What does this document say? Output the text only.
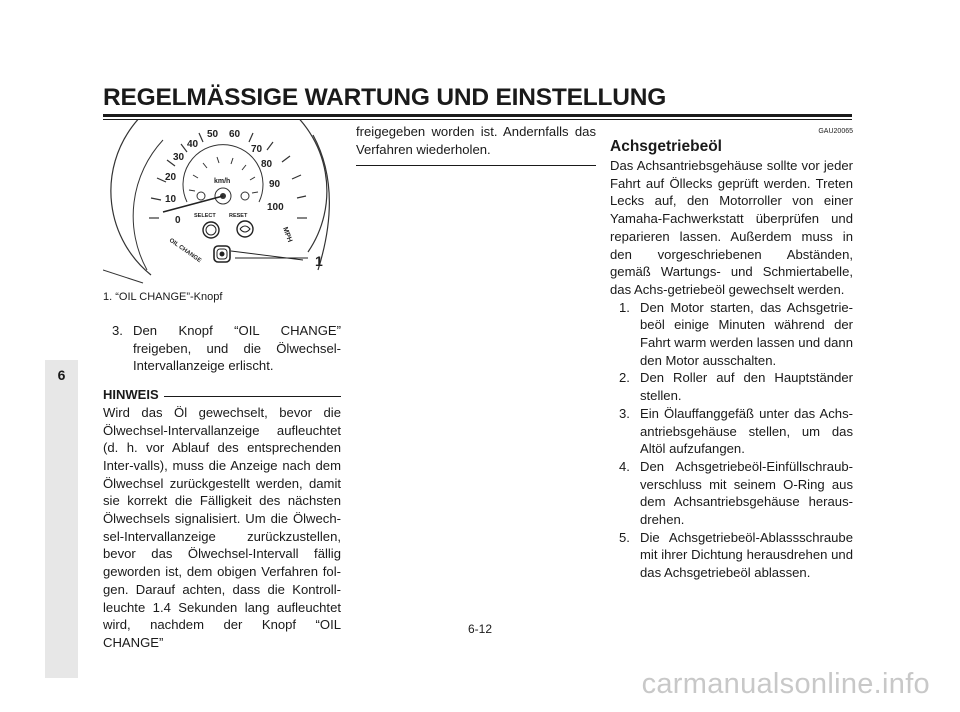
REGELMÄSSIGE WARTUNG UND EINSTELLUNG
6
0
10
20
30
40
50 60
70
80
90
100
MPH
km/h
SELECT RESET
OIL CHANGE	1

1. “OIL CHANGE”-Knopf

3. Den Knopf “OIL CHANGE” freigeben, und die Ölwechsel-Intervallanzeige erlischt.
HINWEIS

Wird das Öl gewechselt, bevor die Ölwechsel-Intervallanzeige aufleuchtet (d. h. vor Ablauf des entsprechenden Inter-valls), muss die Anzeige nach dem Ölwechsel zurückgestellt werden, damit sie korrekt die Fälligkeit des nächsten Ölwechsels signalisiert. Um die Ölwech-sel-Intervallanzeige zurückzustellen, bevor das Ölwechsel-Intervall fällig geworden ist, dem obigen Verfahren fol-gen. Darauf achten, dass die Kontroll-leuchte 1.4 Sekunden lang aufleuchtet wird, nachdem der Knopf “OIL CHANGE”

freigegeben worden ist. Andernfalls das Verfahren wiederholen.

GAU20065

Achsgetriebeöl

Das Achsantriebsgehäuse sollte vor jeder Fahrt auf Öllecks geprüft werden. Treten Lecks auf, den Motorroller von einer Yamaha-Fachwerkstatt überprüfen und reparieren lassen. Außerdem muss in den vorgeschriebenen Abständen, gemäß Wartungs- und Schmiertabelle, das Achs-getriebeöl gewechselt werden.

1. Den Motor starten, das Achsgetrie-beöl einige Minuten während der Fahrt warm werden lassen und dann den Motor ausschalten.
2. Den Roller auf den Hauptständer stellen.
3. Ein Ölauffanggefäß unter das Achs-antriebsgehäuse stellen, um das Altöl aufzufangen.
4. Den Achsgetriebeöl-Einfüllschraub-verschluss mit seinem O-Ring aus dem Achsantriebsgehäuse heraus-drehen.
5. Die Achsgetriebeöl-Ablassschraube mit ihrer Dichtung herausdrehen und das Achsgetriebeöl ablassen.
6-12
carmanualsonline.info
